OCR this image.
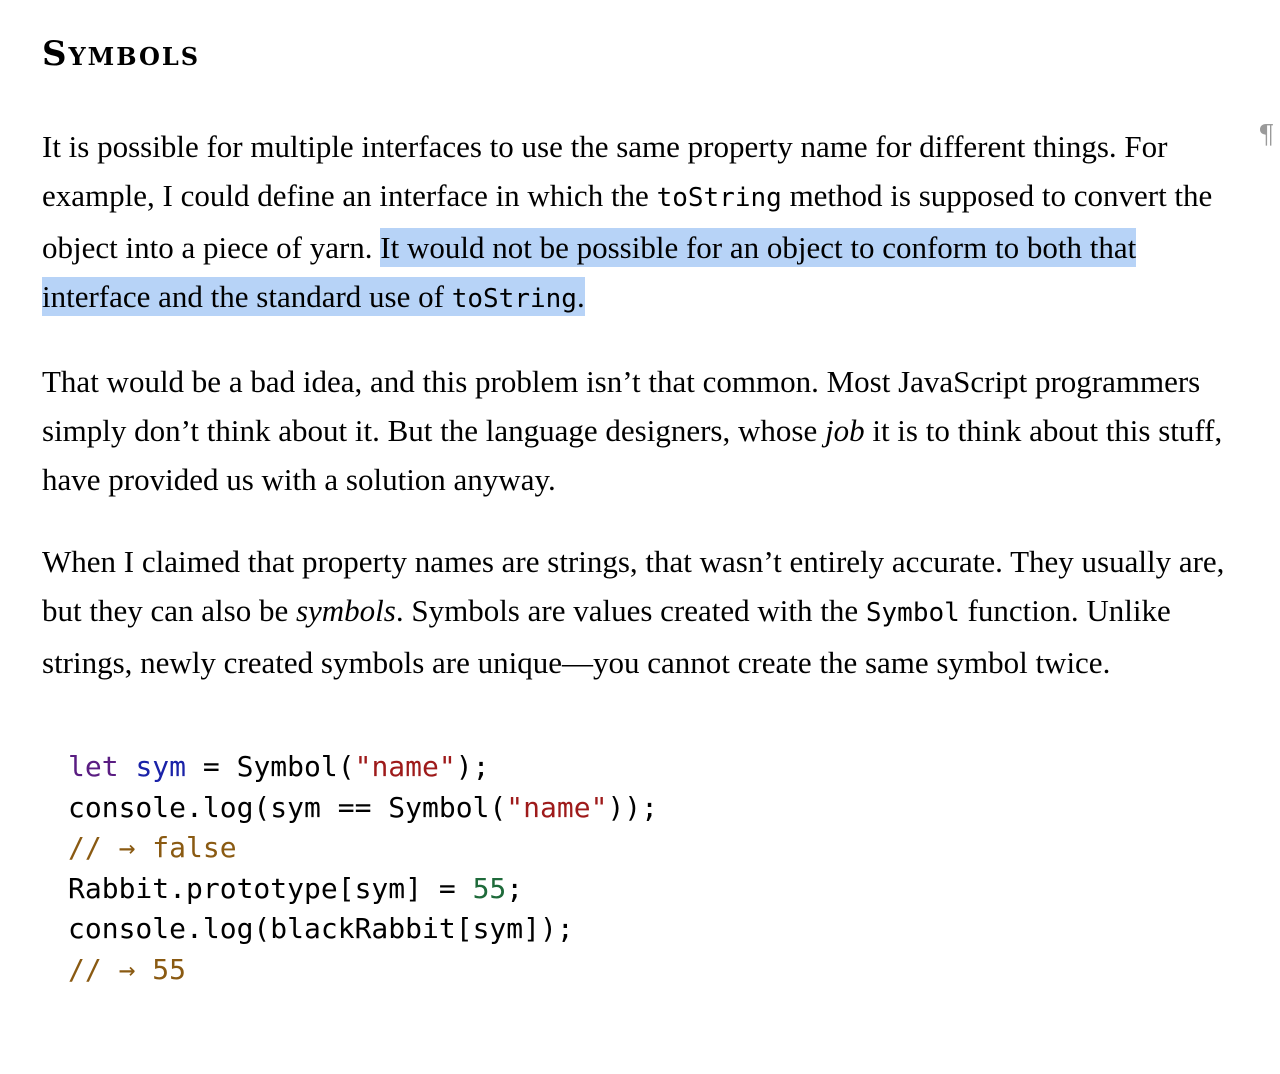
Symbols

It is possible for multiple interfaces to use the same property name for different things. For example, I could define an interface in which the toString method is supposed to convert the object into a piece of yarn. It would not be possible for an object to conform to both that interface and the standard use of toString.

That would be a bad idea, and this problem isn’t that common. Most JavaScript programmers simply don’t think about it. But the language designers, whose job it is to think about this stuff, have provided us with a solution anyway.

When I claimed that property names are strings, that wasn’t entirely accurate. They usually are, but they can also be symbols. Symbols are values created with the Symbol function. Unlike strings, newly created symbols are unique—you cannot create the same symbol twice.

let sym = Symbol("name");
console.log(sym == Symbol("name"));
// → false
Rabbit.prototype[sym] = 55;
console.log(blackRabbit[sym]);
// → 55
¶
